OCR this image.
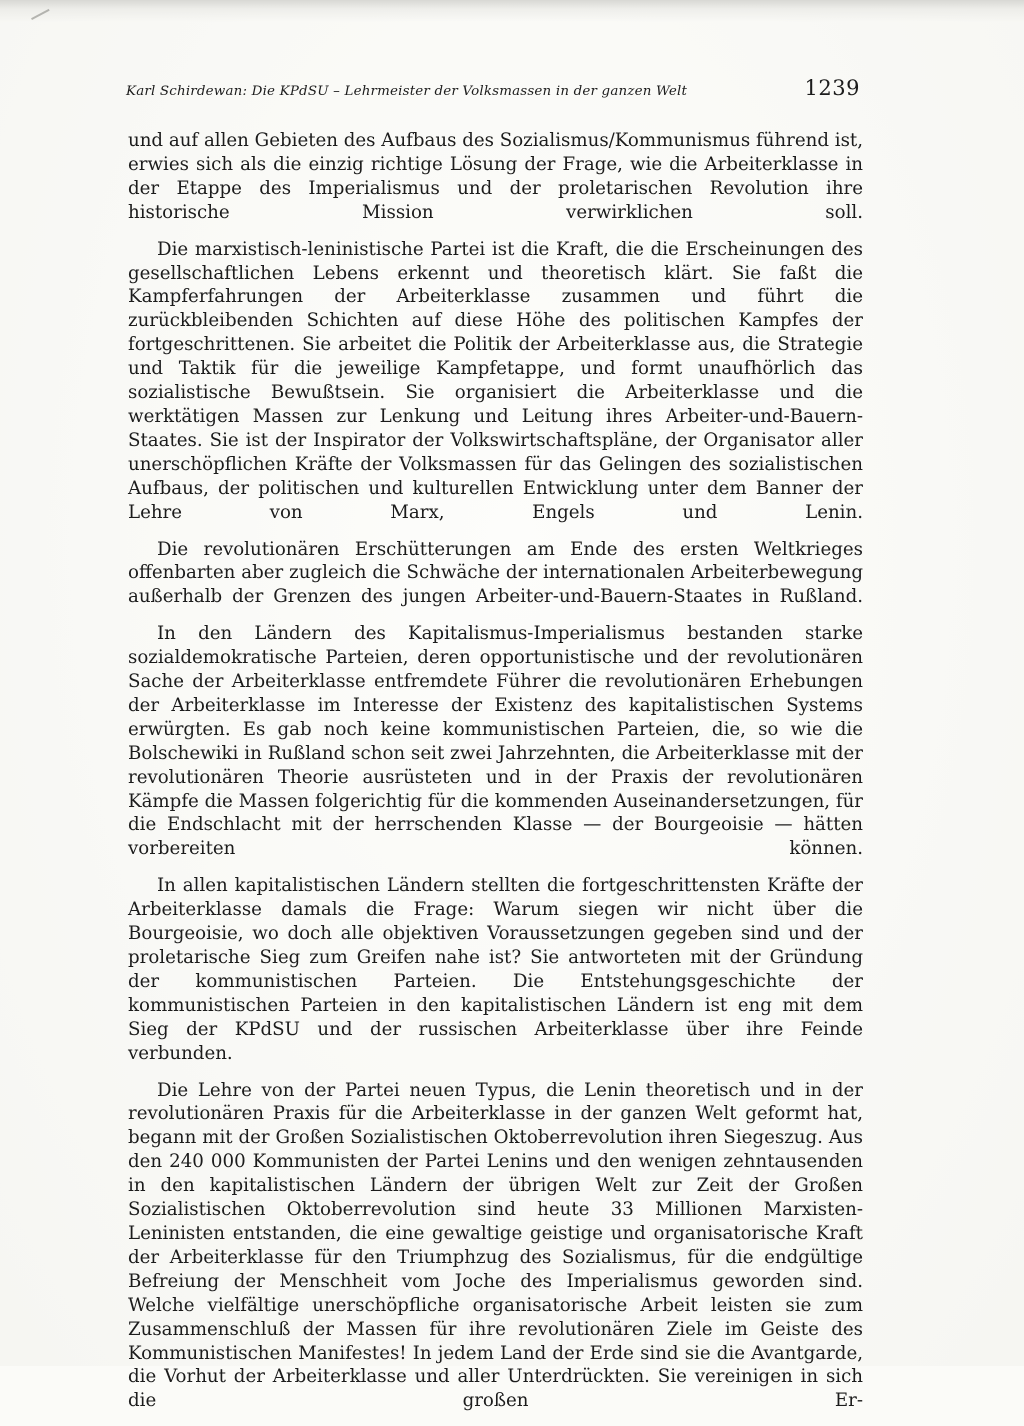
Karl Schirdewan: Die KPdSU – Lehrmeister der Volksmassen in der ganzen Welt	1239

und auf allen Gebieten des Aufbaus des Sozialismus/Kommunismus führend ist, erwies sich als die einzig richtige Lösung der Frage, wie die Arbeiterklasse in der Etappe des Imperialismus und der proletarischen Revolution ihre historische Mission verwirklichen soll.

Die marxistisch-leninistische Partei ist die Kraft, die die Erscheinungen des gesellschaftlichen Lebens erkennt und theoretisch klärt. Sie faßt die Kampferfahrungen der Arbeiterklasse zusammen und führt die zurückbleibenden Schichten auf diese Höhe des politischen Kampfes der fortgeschrittenen. Sie arbeitet die Politik der Arbeiterklasse aus, die Strategie und Taktik für die jeweilige Kampfetappe, und formt unaufhörlich das sozialistische Bewußtsein. Sie organisiert die Arbeiterklasse und die werktätigen Massen zur Lenkung und Leitung ihres Arbeiter-und-Bauern-Staates. Sie ist der Inspirator der Volkswirtschaftspläne, der Organisator aller unerschöpflichen Kräfte der Volksmassen für das Gelingen des sozialistischen Aufbaus, der politischen und kulturellen Entwicklung unter dem Banner der Lehre von Marx, Engels und Lenin.

Die revolutionären Erschütterungen am Ende des ersten Weltkrieges offenbarten aber zugleich die Schwäche der internationalen Arbeiterbewegung außerhalb der Grenzen des jungen Arbeiter-und-Bauern-Staates in Rußland.

In den Ländern des Kapitalismus-Imperialismus bestanden starke sozialdemokratische Parteien, deren opportunistische und der revolutionären Sache der Arbeiterklasse entfremdete Führer die revolutionären Erhebungen der Arbeiterklasse im Interesse der Existenz des kapitalistischen Systems erwürgten. Es gab noch keine kommunistischen Parteien, die, so wie die Bolschewiki in Rußland schon seit zwei Jahrzehnten, die Arbeiterklasse mit der revolutionären Theorie ausrüsteten und in der Praxis der revolutionären Kämpfe die Massen folgerichtig für die kommenden Auseinandersetzungen, für die Endschlacht mit der herrschenden Klasse — der Bourgeoisie — hätten vorbereiten können.

In allen kapitalistischen Ländern stellten die fortgeschrittensten Kräfte der Arbeiterklasse damals die Frage: Warum siegen wir nicht über die Bourgeoisie, wo doch alle objektiven Voraussetzungen gegeben sind und der proletarische Sieg zum Greifen nahe ist? Sie antworteten mit der Gründung der kommunistischen Parteien. Die Entstehungsgeschichte der kommunistischen Parteien in den kapitalistischen Ländern ist eng mit dem Sieg der KPdSU und der russischen Arbeiterklasse über ihre Feinde verbunden.

Die Lehre von der Partei neuen Typus, die Lenin theoretisch und in der revolutionären Praxis für die Arbeiterklasse in der ganzen Welt geformt hat, begann mit der Großen Sozialistischen Oktoberrevolution ihren Siegeszug. Aus den 240 000 Kommunisten der Partei Lenins und den wenigen zehntausenden in den kapitalistischen Ländern der übrigen Welt zur Zeit der Großen Sozialistischen Oktoberrevolution sind heute 33 Millionen Marxisten-Leninisten entstanden, die eine gewaltige geistige und organisatorische Kraft der Arbeiterklasse für den Triumphzug des Sozialismus, für die endgültige Befreiung der Menschheit vom Joche des Imperialismus geworden sind. Welche vielfältige unerschöpfliche organisatorische Arbeit leisten sie zum Zusammenschluß der Massen für ihre revolutionären Ziele im Geiste des Kommunistischen Manifestes! In jedem Land der Erde sind sie die Avantgarde, die Vorhut der Arbeiterklasse und aller Unterdrückten. Sie vereinigen in sich die großen Er-
